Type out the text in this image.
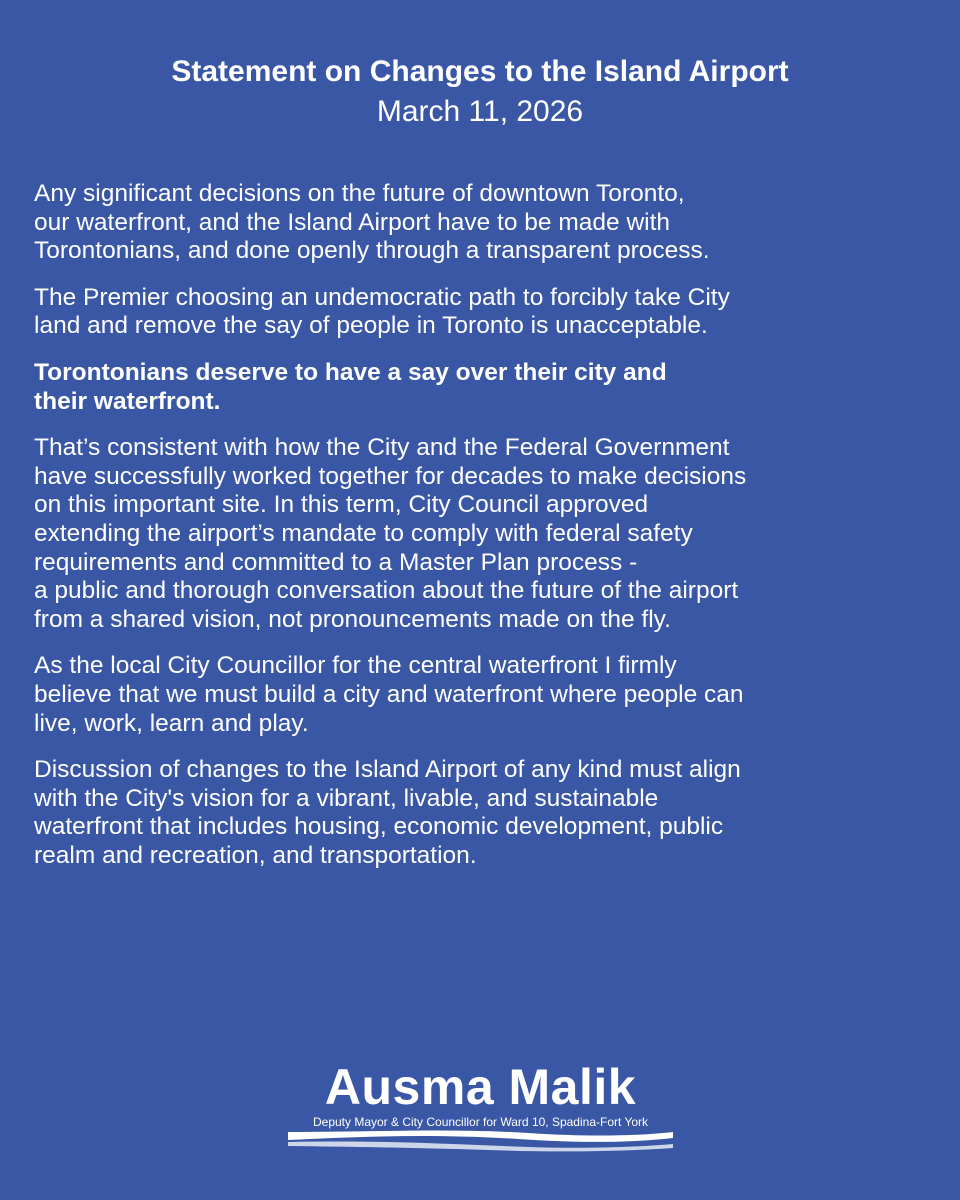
Statement on Changes to the Island Airport

March 11, 2026

Any significant decisions on the future of downtown Toronto,
our waterfront, and the Island Airport have to be made with
Torontonians, and done openly through a transparent process.

The Premier choosing an undemocratic path to forcibly take City
land and remove the say of people in Toronto is unacceptable.

Torontonians deserve to have a say over their city and
their waterfront.

That’s consistent with how the City and the Federal Government
have successfully worked together for decades to make decisions
on this important site. In this term, City Council approved
extending the airport’s mandate to comply with federal safety
requirements and committed to a Master Plan process -
a public and thorough conversation about the future of the airport
from a shared vision, not pronouncements made on the fly.

As the local City Councillor for the central waterfront I firmly
believe that we must build a city and waterfront where people can
live, work, learn and play.

Discussion of changes to the Island Airport of any kind must align
with the City's vision for a vibrant, livable, and sustainable
waterfront that includes housing, economic development, public
realm and recreation, and transportation.

Ausma Malik
Deputy Mayor & City Councillor for Ward 10, Spadina-Fort York
